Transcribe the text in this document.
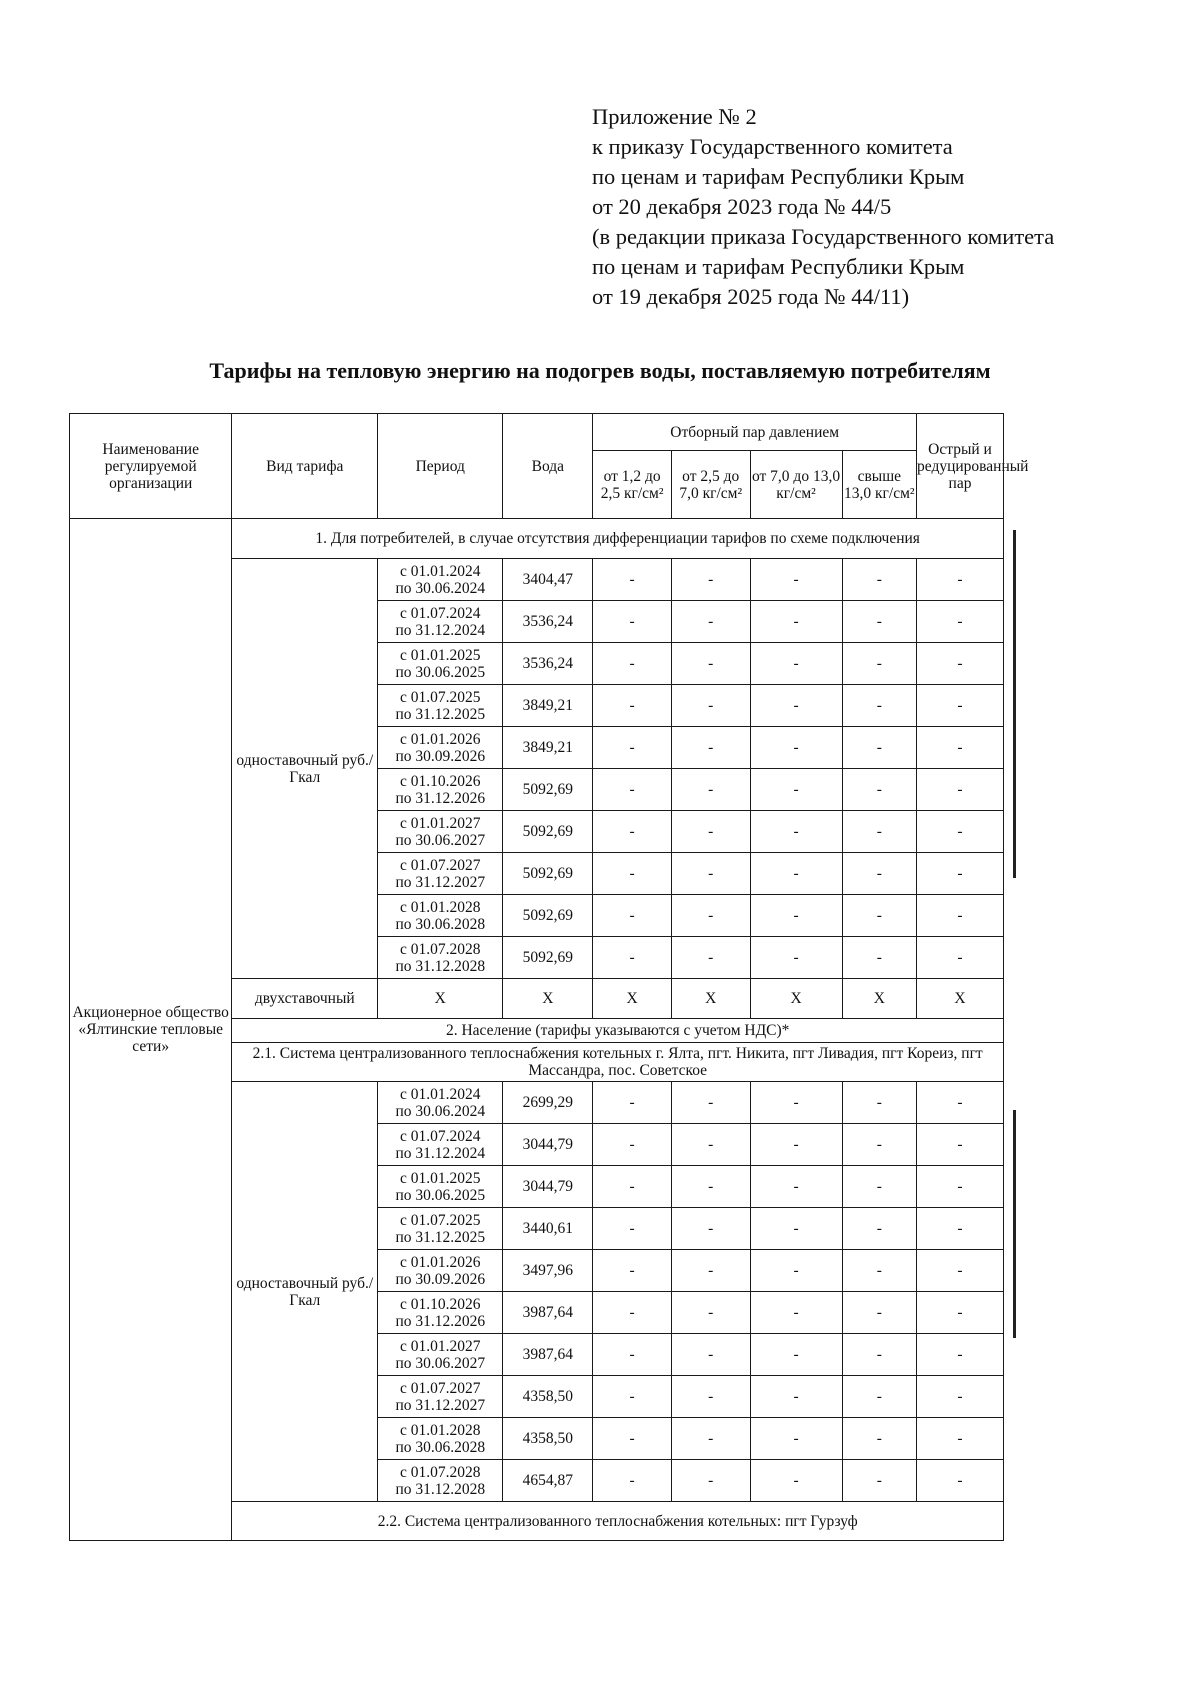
Приложение № 2
к приказу Государственного комитета
по ценам и тарифам Республики Крым
от 20 декабря 2023 года № 44/5
(в редакции приказа Государственного комитета
по ценам и тарифам Республики Крым
от 19 декабря 2025 года № 44/11)
Тарифы на тепловую энергию на подогрев воды, поставляемую потребителям
Наименование регулируемой организации	Вид тарифа	Период	Вода	Отборный пар давлением				Острый и редуцированный пар
				от 1,2 до 2,5 кг/см²	от 2,5 до 7,0 кг/см²	от 7,0 до 13,0 кг/см²	свыше 13,0 кг/см²	
Акционерное общество «Ялтинские тепловые сети»	1. Для потребителей, в случае отсутствия дифференциации тарифов по схеме подключения							
	одноставочный руб./Гкал	с 01.01.2024
по 30.06.2024	3404,47	-	-	-	-	-

		с 01.07.2024
по 31.12.2024	3536,24	-	-	-	-	-

		с 01.01.2025
по 30.06.2025	3536,24	-	-	-	-	-

		с 01.07.2025
по 31.12.2025	3849,21	-	-	-	-	-

		с 01.01.2026
по 30.09.2026	3849,21	-	-	-	-	-

		с 01.10.2026
по 31.12.2026	5092,69	-	-	-	-	-

		с 01.01.2027
по 30.06.2027	5092,69	-	-	-	-	-

		с 01.07.2027
по 31.12.2027	5092,69	-	-	-	-	-

		с 01.01.2028
по 30.06.2028	5092,69	-	-	-	-	-

		с 01.07.2028
по 31.12.2028	5092,69	-	-	-	-	-
	двухставочный	Х	Х	Х	Х	Х	Х	Х
	2. Население (тарифы указываются с учетом НДС)*							
	2.1. Система централизованного теплоснабжения котельных г. Ялта, пгт. Никита, пгт Ливадия, пгт Кореиз, пгт Массандра, пос. Советское							
	одноставочный руб./Гкал	с 01.01.2024
по 30.06.2024	2699,29	-	-	-	-	-

		с 01.07.2024
по 31.12.2024	3044,79	-	-	-	-	-

		с 01.01.2025
по 30.06.2025	3044,79	-	-	-	-	-

		с 01.07.2025
по 31.12.2025	3440,61	-	-	-	-	-

		с 01.01.2026
по 30.09.2026	3497,96	-	-	-	-	-

		с 01.10.2026
по 31.12.2026	3987,64	-	-	-	-	-

		с 01.01.2027
по 30.06.2027	3987,64	-	-	-	-	-

		с 01.07.2027
по 31.12.2027	4358,50	-	-	-	-	-

		с 01.01.2028
по 30.06.2028	4358,50	-	-	-	-	-

		с 01.07.2028
по 31.12.2028	4654,87	-	-	-	-	-
	2.2. Система централизованного теплоснабжения котельных: пгт Гурзуф							
